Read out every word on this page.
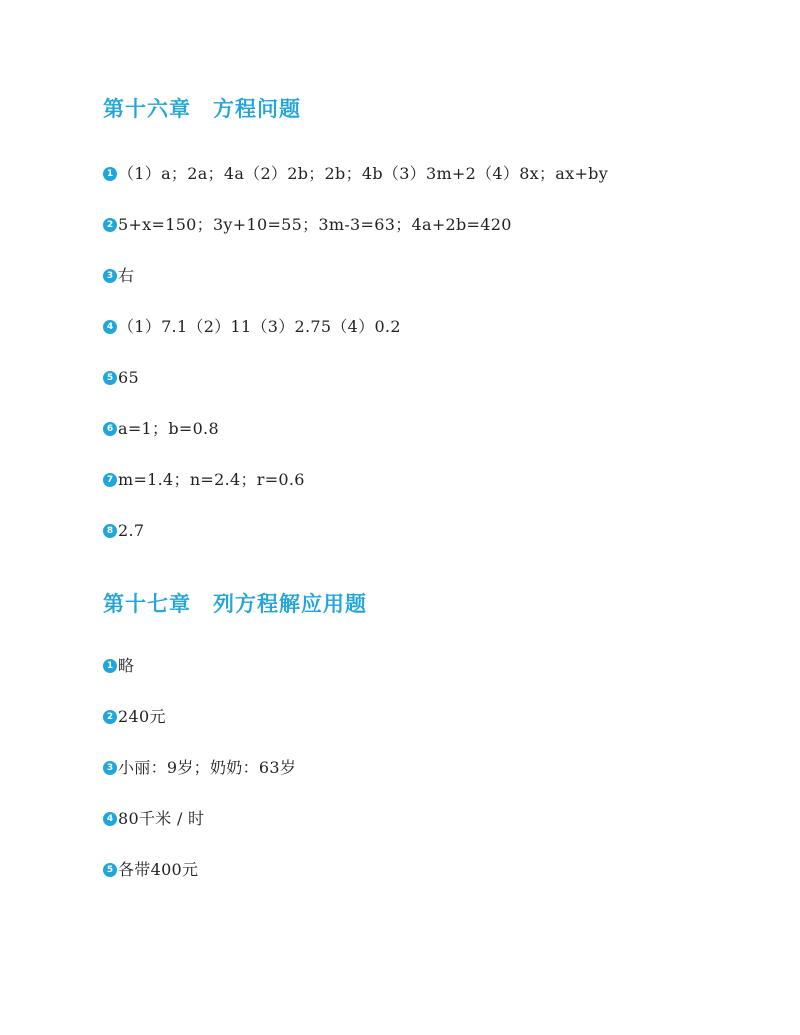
第十六章　方程问题
1 （1）a；2a；4a（2）2b；2b；4b（3）3m+2（4）8x；ax+by
2 5+x=150；3y+10=55；3m-3=63；4a+2b=420
3 右
4 （1）7.1（2）11（3）2.75（4）0.2
5 65
6 a=1；b=0.8
7 m=1.4；n=2.4；r=0.6
8 2.7
第十七章　列方程解应用题
1 略
2 240元
3 小丽：9岁；奶奶：63岁
4 80千米 / 时
5 各带400元
